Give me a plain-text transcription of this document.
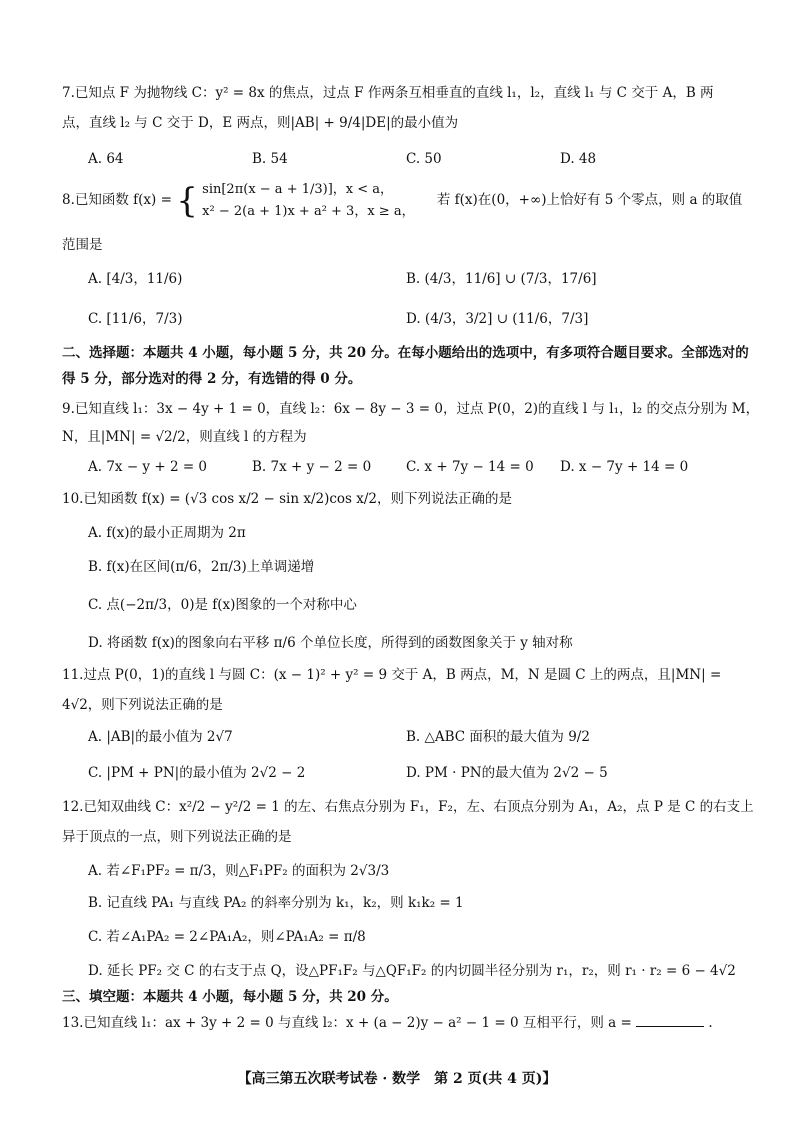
7.已知点 F 为抛物线 C：y² = 8x 的焦点，过点 F 作两条互相垂直的直线 l₁，l₂，直线 l₁ 与 C 交于 A，B 两
点，直线 l₂ 与 C 交于 D，E 两点，则|AB| + 9/4|DE|的最小值为
A. 64	B. 54	C. 50	D. 48
8.已知函数 f(x) = { sin[2π(x − a + 1/3)]，x < a，
x² − 2(a + 1)x + a² + 3，x ≥ a，
若 f(x)在(0，+∞)上恰好有 5 个零点，则 a 的取值
范围是
A. [4/3，11/6)	B. (4/3，11/6] ∪ (7/3，17/6]
C. [11/6，7/3)	D. (4/3，3/2] ∪ (11/6，7/3]
二、选择题：本题共 4 小题，每小题 5 分，共 20 分。在每小题给出的选项中，有多项符合题目要求。全部选对的得 5 分，部分选对的得 2 分，有选错的得 0 分。
9.已知直线 l₁：3x − 4y + 1 = 0，直线 l₂：6x − 8y − 3 = 0，过点 P(0，2)的直线 l 与 l₁，l₂ 的交点分别为 M，
N，且|MN| = √2/2，则直线 l 的方程为
A. 7x − y + 2 = 0	B. 7x + y − 2 = 0	C. x + 7y − 14 = 0 D. x − 7y + 14 = 0
10.已知函数 f(x) = (√3 cos x/2 − sin x/2)cos x/2，则下列说法正确的是
A. f(x)的最小正周期为 2π
B. f(x)在区间(π/6，2π/3)上单调递增
C. 点(−2π/3，0)是 f(x)图象的一个对称中心
D. 将函数 f(x)的图象向右平移 π/6 个单位长度，所得到的函数图象关于 y 轴对称
11.过点 P(0，1)的直线 l 与圆 C：(x − 1)² + y² = 9 交于 A，B 两点，M，N 是圆 C 上的两点，且|MN| =
4√2，则下列说法正确的是
A. |AB|的最小值为 2√7	B. △ABC 面积的最大值为 9/2
C. |PM + PN|的最小值为 2√2 − 2	D. PM · PN的最大值为 2√2 − 5
12.已知双曲线 C：x²/2 − y²/2 = 1 的左、右焦点分别为 F₁，F₂，左、右顶点分别为 A₁，A₂，点 P 是 C 的右支上
异于顶点的一点，则下列说法正确的是
A. 若∠F₁PF₂ = π/3，则△F₁PF₂ 的面积为 2√3/3
B. 记直线 PA₁ 与直线 PA₂ 的斜率分别为 k₁，k₂，则 k₁k₂ = 1
C. 若∠A₁PA₂ = 2∠PA₁A₂，则∠PA₁A₂ = π/8
D. 延长 PF₂ 交 C 的右支于点 Q，设△PF₁F₂ 与△QF₁F₂ 的内切圆半径分别为 r₁，r₂，则 r₁ · r₂ = 6 − 4√2
三、填空题：本题共 4 小题，每小题 5 分，共 20 分。
13.已知直线 l₁：ax + 3y + 2 = 0 与直线 l₂：x + (a − 2)y − a² − 1 = 0 互相平行，则 a =	.
【高三第五次联考试卷 · 数学　第 2 页(共 4 页)】
